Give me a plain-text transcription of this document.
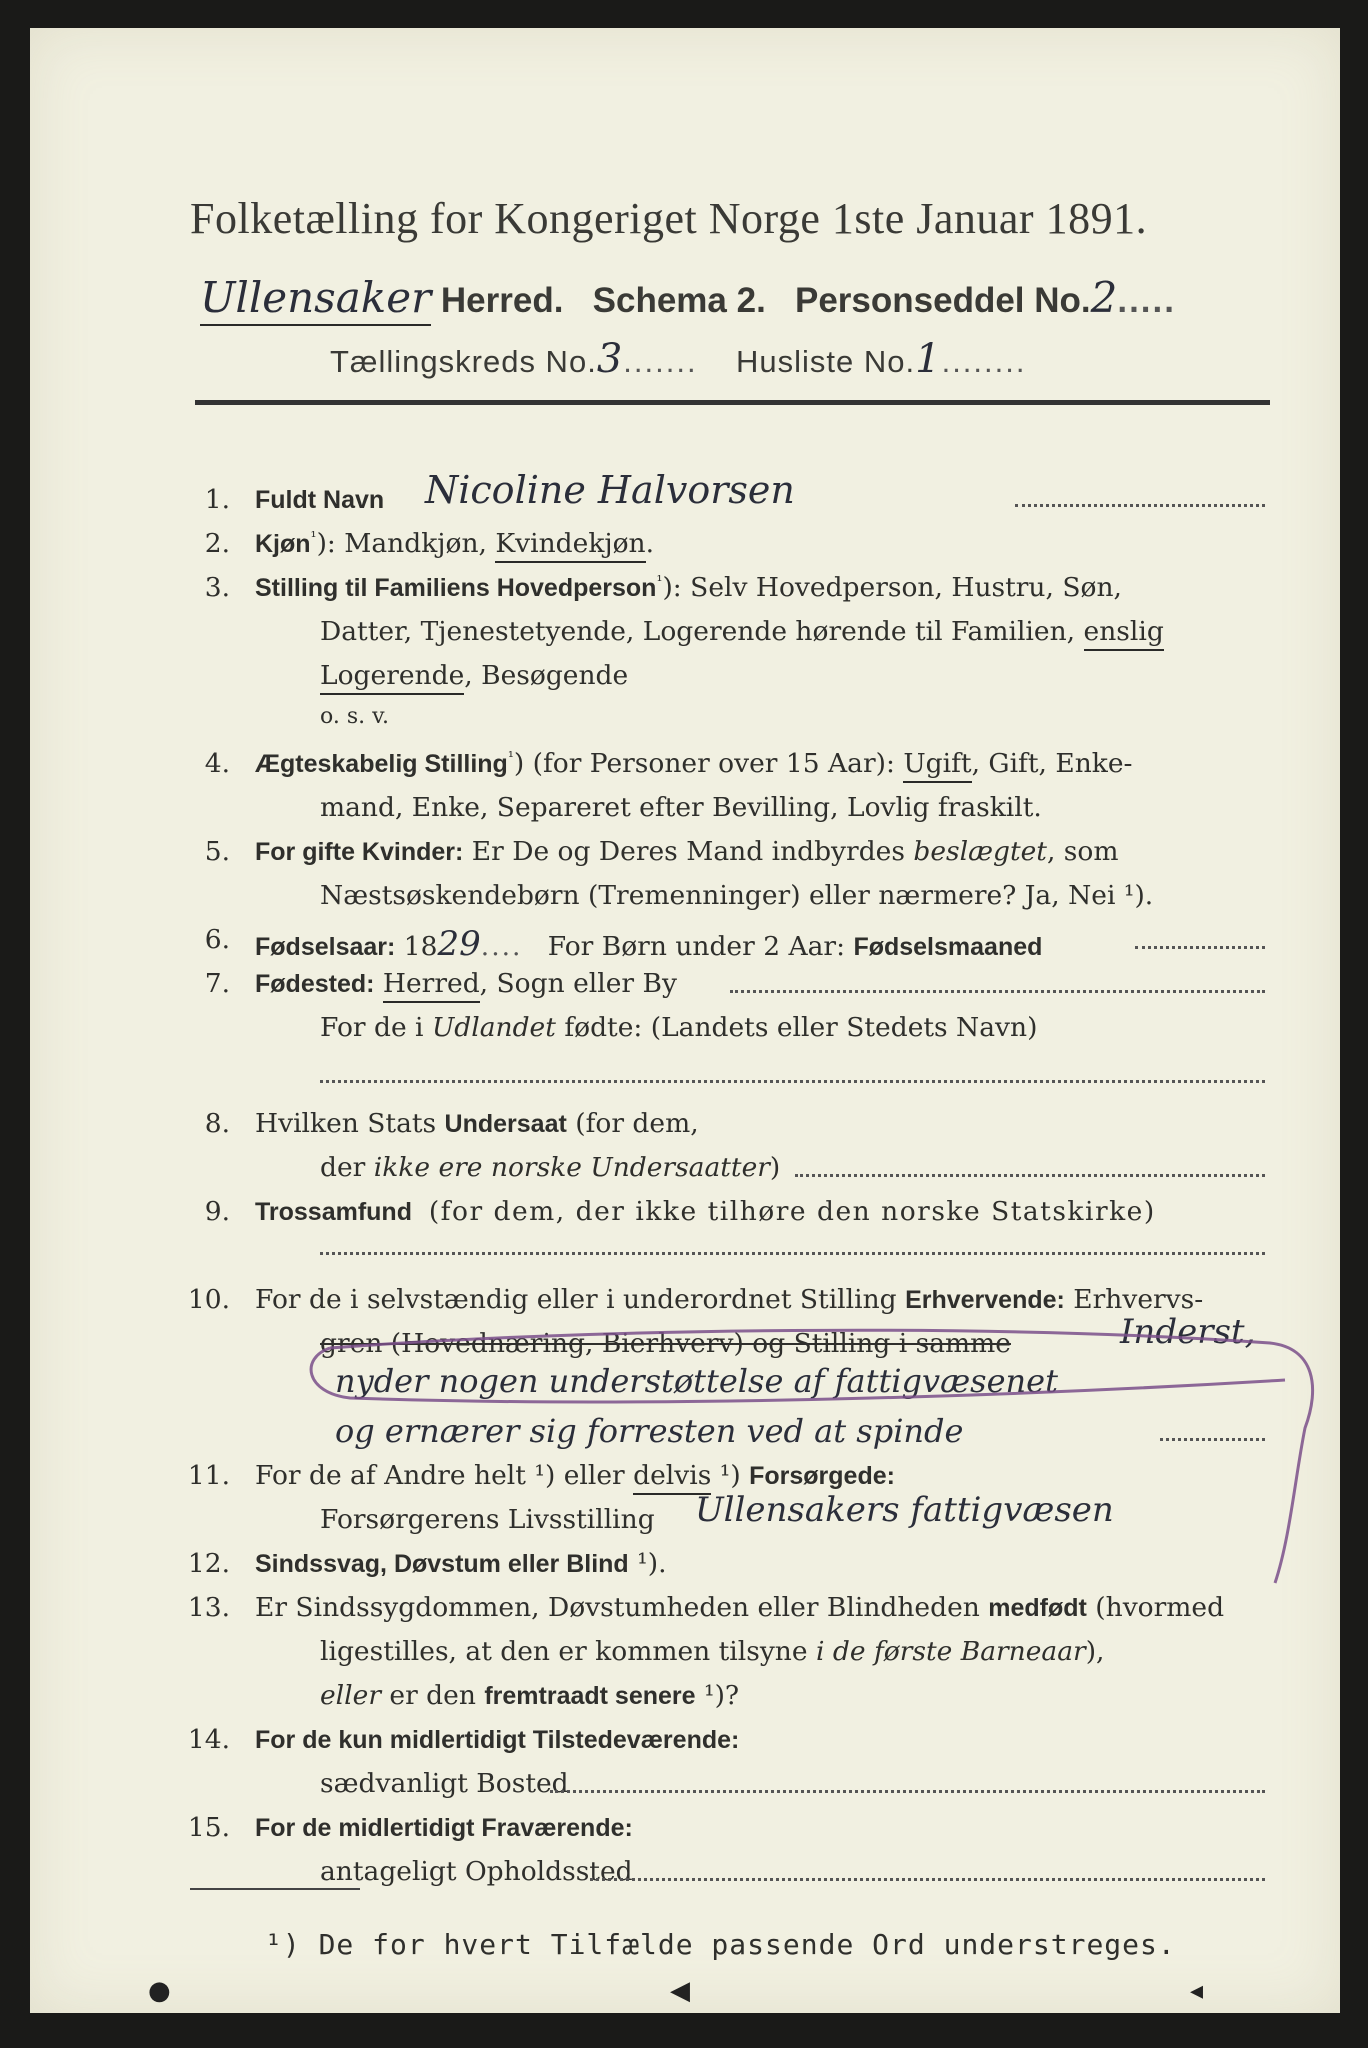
Folketælling for Kongeriget Norge 1ste Januar 1891.
Ullensaker Herred. Schema 2. Personseddel No.2.....
Tællingskreds No.3....... Husliste No.1........
1. Fuldt Navn Nicoline Halvorsen
2. Kjøn$^{^1}$): Mandkjøn, Kvindekjøn.
3. Stilling til Familiens Hovedperson$^{^1}$): Selv Hovedperson, Hustru, Søn,
Datter, Tjenestetyende, Logerende hørende til Familien, enslig
Logerende, Besøgende
o. s. v.
4. Ægteskabelig Stilling$^{^1}$) (for Personer over 15 Aar): Ugift, Gift, Enke-
mand, Enke, Separeret efter Bevilling, Lovlig fraskilt.
5. For gifte Kvinder: Er De og Deres Mand indbyrdes beslægtet, som
Næstsøskendebørn (Tremenninger) eller nærmere? Ja, Nei ¹).
6. Fødselsaar: 1829.... For Børn under 2 Aar: Fødselsmaaned
7. Fødested: Herred, Sogn eller By
For de i Udlandet fødte: (Landets eller Stedets Navn)
8. Hvilken Stats Undersaat (for dem,
der ikke ere norske Undersaatter)
9. Trossamfund (for dem, der ikke tilhøre den norske Statskirke)
10. For de i selvstændig eller i underordnet Stilling Erhvervende: Erhvervs-
gren (Hovednæring, Bierhverv) og Stilling i samme	Inderst,
nyder nogen understøttelse af fattigvæsenet
og ernærer sig forresten ved at spinde
11. For de af Andre helt ¹) eller delvis ¹) Forsørgede:
Forsørgerens Livsstilling Ullensakers fattigvæsen
12. Sindssvag, Døvstum eller Blind ¹).
13. Er Sindssygdommen, Døvstumheden eller Blindheden medfødt (hvormed
ligestilles, at den er kommen tilsyne i de første Barneaar),
eller er den fremtraadt senere ¹)?
14. For de kun midlertidigt Tilstedeværende:
sædvanligt Bosted
15. For de midlertidigt Fraværende:
antageligt Opholdssted
¹) De for hvert Tilfælde passende Ord understreges.
●	◀	◂
